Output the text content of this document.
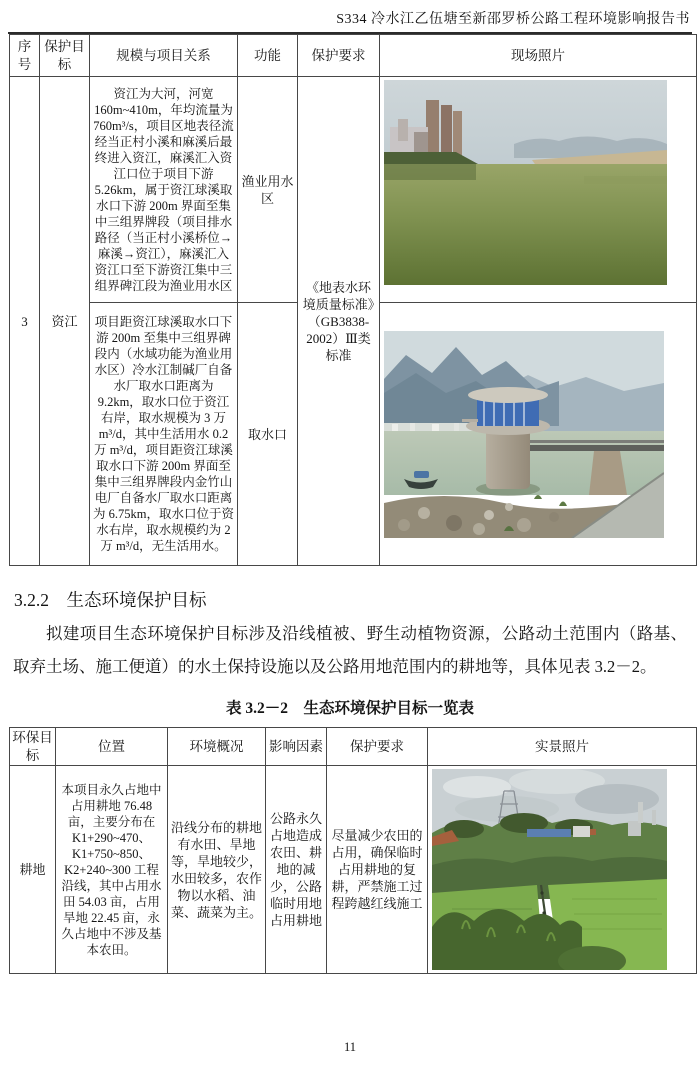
S334 冷水江乙伍塘至新邵罗桥公路工程环境影响报告书
序号	保护目标	规模与项目关系	功能	保护要求	现场照片
3	资江	资江为大河，河宽 160m~410m，年均流量为 760m³/s，项目区地表径流经当正村小溪和麻溪后最终进入资江，麻溪汇入资江口位于项目下游 5.26km，属于资江球溪取水口下游 200m 界面至集中三组界牌段（项目排水路径（当正村小溪桥位→麻溪→资江），麻溪汇入资江口至下游资江集中三组界碑江段为渔业用水区	渔业用水区	《地表水环境质量标准》（GB3838-2002）Ⅲ类标准	

		项目距资江球溪取水口下游 200m 至集中三组界碑段内（水域功能为渔业用水区）冷水江制碱厂自备水厂取水口距离为 9.2km，取水口位于资江右岸，取水规模为 3 万 m³/d，其中生活用水 0.2 万 m³/d，项目距资江球溪取水口下游 200m 界面至集中三组界牌段内金竹山电厂自备水厂取水口距离为 6.75km，取水口位于资水右岸，取水规模约为 2 万 m³/d，无生活用水。	取水口	
3.2.2　生态环境保护目标

拟建项目生态环境保护目标涉及沿线植被、野生动植物资源，公路动土范围内（路基、取弃土场、施工便道）的水土保持设施以及公路用地范围内的耕地等，具体见表 3.2－2。

表 3.2－2　生态环境保护目标一览表
环保目标	位置	环境概况	影响因素	保护要求	实景照片
耕地	本项目永久占地中占用耕地 76.48 亩，主要分布在 K1+290~470、K1+750~850、K2+240~300 工程沿线，其中占用水田 54.03 亩，占用旱地 22.45 亩，永久占地中不涉及基本农田。	沿线分布的耕地有水田、旱地等，旱地较少，水田较多，农作物以水稻、油菜、蔬菜为主。	公路永久占地造成农田、耕地的减少，公路临时用地占用耕地	尽量减少农田的占用，确保临时占用耕地的复耕，严禁施工过程跨越红线施工	
11
